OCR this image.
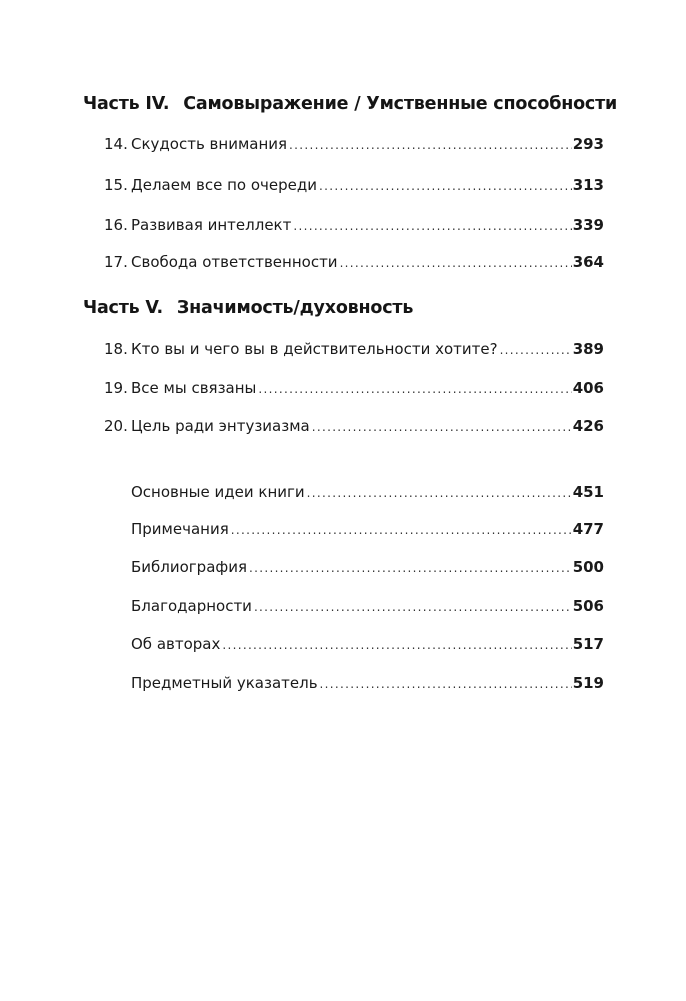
Часть IV. Самовыражение / Умственные способности
14. Скудость внимания .....	293
15. Делаем все по очереди .....	313
16. Развивая интеллект .....	339
17. Свобода ответственности .....	364
Часть V. Значимость/духовность
18. Кто вы и чего вы в действительности хотите? .....	389
19. Все мы связаны .....	406
20. Цель ради энтузиазма .....	426
Основные идеи книги .....	451
Примечания .....	477
Библиография .....	500
Благодарности .....	506
Об авторах .....	517
Предметный указатель .....	519
